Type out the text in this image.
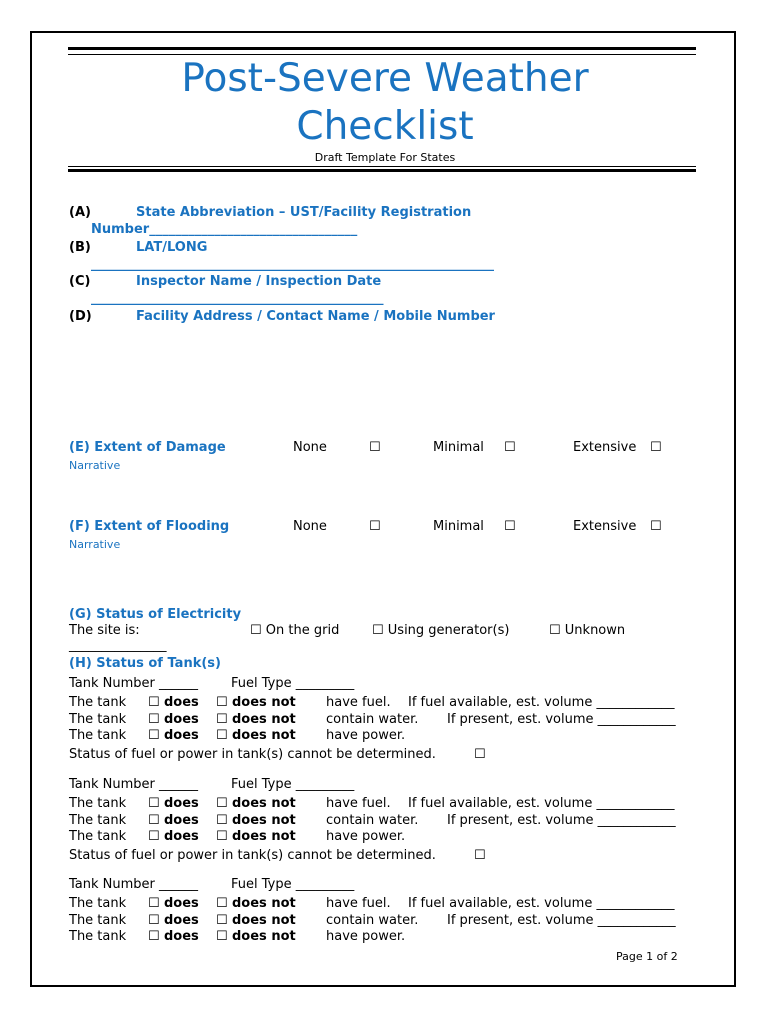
Post-Severe Weather
Checklist
Draft Template For States
(A)	State Abbreviation – UST/Facility Registration
Number________________________________
(B)	LAT/LONG
______________________________________________________________
(C)	Inspector Name / Inspection Date
_____________________________________________
(D)	Facility Address / Contact Name / Mobile Number
(E) Extent of Damage	None	☐	Minimal ☐	Extensive ☐
Narrative
(F) Extent of Flooding	None	☐	Minimal ☐	Extensive ☐
Narrative
(G) Status of Electricity
The site is:	☐ On the grid	☐ Using generator(s)	☐ Unknown
_______________
(H) Status of Tank(s)
Tank Number ______	Fuel Type _________
The tank ☐ does ☐ does not have fuel. If fuel available, est. volume ____________
The tank ☐ does ☐ does not contain water. If present, est. volume ____________
The tank ☐ does ☐ does not have power.
Status of fuel or power in tank(s) cannot be determined.	☐
Tank Number ______	Fuel Type _________
The tank ☐ does ☐ does not have fuel. If fuel available, est. volume ____________
The tank ☐ does ☐ does not contain water. If present, est. volume ____________
The tank ☐ does ☐ does not have power.
Status of fuel or power in tank(s) cannot be determined.	☐
Tank Number ______	Fuel Type _________
The tank ☐ does ☐ does not have fuel. If fuel available, est. volume ____________
The tank ☐ does ☐ does not contain water. If present, est. volume ____________
The tank ☐ does ☐ does not have power.
Page 1 of 2
